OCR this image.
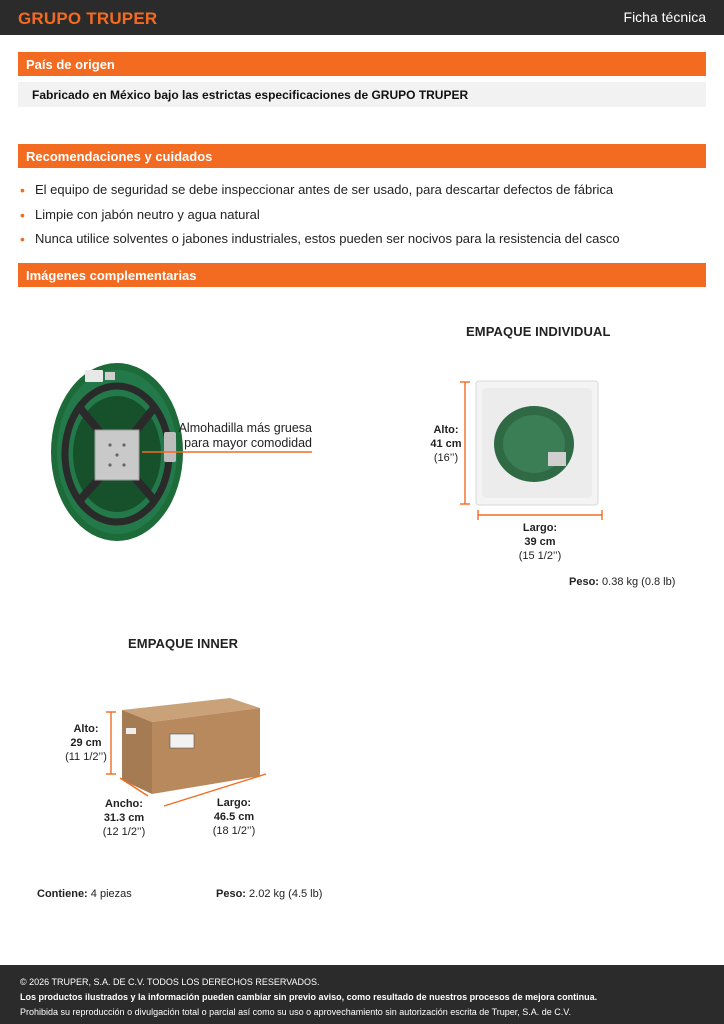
GRUPO TRUPER	Ficha técnica
País de origen
Fabricado en México bajo las estrictas especificaciones de GRUPO TRUPER
Recomendaciones y cuidados
• El equipo de seguridad se debe inspeccionar antes de ser usado, para descartar defectos de fábrica
• Limpie con jabón neutro y agua natural
• Nunca utilice solventes o jabones industriales, estos pueden ser nocivos para la resistencia del casco
Imágenes complementarias
Almohadilla más gruesa
para mayor comodidad
EMPAQUE INDIVIDUAL
Alto:
41 cm
(16’’)
Largo:
39 cm
(15 1/2’’)
Peso: 0.38 kg (0.8 lb)
EMPAQUE INNER
Alto:
29 cm
(11 1/2’’)
Ancho:
31.3 cm
(12 1/2’’)
Largo:
46.5 cm
(18 1/2’’)
Contiene: 4 piezas	Peso: 2.02 kg (4.5 lb)
© 2026 TRUPER, S.A. DE C.V. TODOS LOS DERECHOS RESERVADOS.
Los productos ilustrados y la información pueden cambiar sin previo aviso, como resultado de nuestros procesos de mejora continua.
Prohibida su reproducción o divulgación total o parcial así como su uso o aprovechamiento sin autorización escrita de Truper, S.A. de C.V.
